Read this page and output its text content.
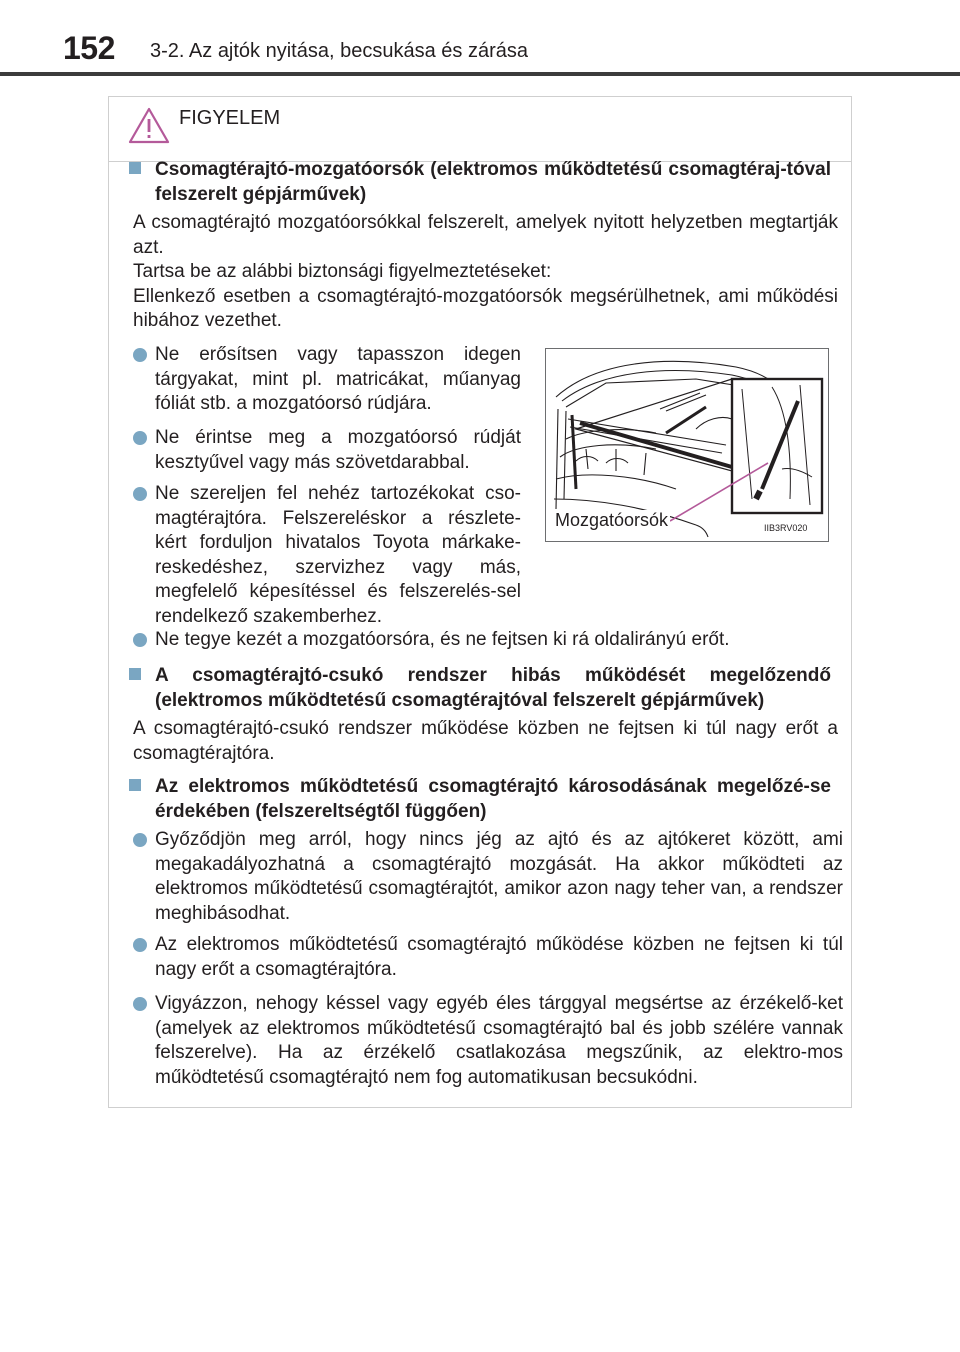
152 3-2. Az ajtók nyitása, becsukása és zárása
FIGYELEM
Csomagtérajtó-mozgatóorsók (elektromos működtetésű csomagtéraj-tóval felszerelt gépjárművek)
A csomagtérajtó mozgatóorsókkal felszerelt, amelyek nyitott helyzetben megtartják azt.
Tartsa be az alábbi biztonsági figyelmeztetéseket:
Ellenkező esetben a csomagtérajtó-mozgatóorsók megsérülhetnek, ami működési hibához vezethet.
Ne erősítsen vagy tapasszon idegen tárgyakat, mint pl. matricákat, műanyag fóliát stb. a mozgatóorsó rúdjára.
Ne érintse meg a mozgatóorsó rúdját kesztyűvel vagy más szövetdarabbal.
Ne szereljen fel nehéz tartozékokat cso-magtérajtóra. Felszereléskor a részlete-kért forduljon hivatalos Toyota márkake-reskedéshez, szervizhez vagy más, megfelelő képesítéssel és felszerelés-sel rendelkező szakemberhez.
Ne tegye kezét a mozgatóorsóra, és ne fejtsen ki rá oldalirányú erőt.
Mozgatóorsók	IIB3RV020
A csomagtérajtó-csukó rendszer hibás működését megelőzendő (elektromos működtetésű csomagtérajtóval felszerelt gépjárművek)
A csomagtérajtó-csukó rendszer működése közben ne fejtsen ki túl nagy erőt a csomagtérajtóra.
Az elektromos működtetésű csomagtérajtó károsodásának megelőzé-se érdekében (felszereltségtől függően)
Győződjön meg arról, hogy nincs jég az ajtó és az ajtókeret között, ami megakadályozhatná a csomagtérajtó mozgását. Ha akkor működteti az elektromos működtetésű csomagtérajtót, amikor azon nagy teher van, a rendszer meghibásodhat.
Az elektromos működtetésű csomagtérajtó működése közben ne fejtsen ki túl nagy erőt a csomagtérajtóra.
Vigyázzon, nehogy késsel vagy egyéb éles tárggyal megsértse az érzékelő-ket (amelyek az elektromos működtetésű csomagtérajtó bal és jobb szélére vannak felszerelve). Ha az érzékelő csatlakozása megszűnik, az elektro-mos működtetésű csomagtérajtó nem fog automatikusan becsukódni.
